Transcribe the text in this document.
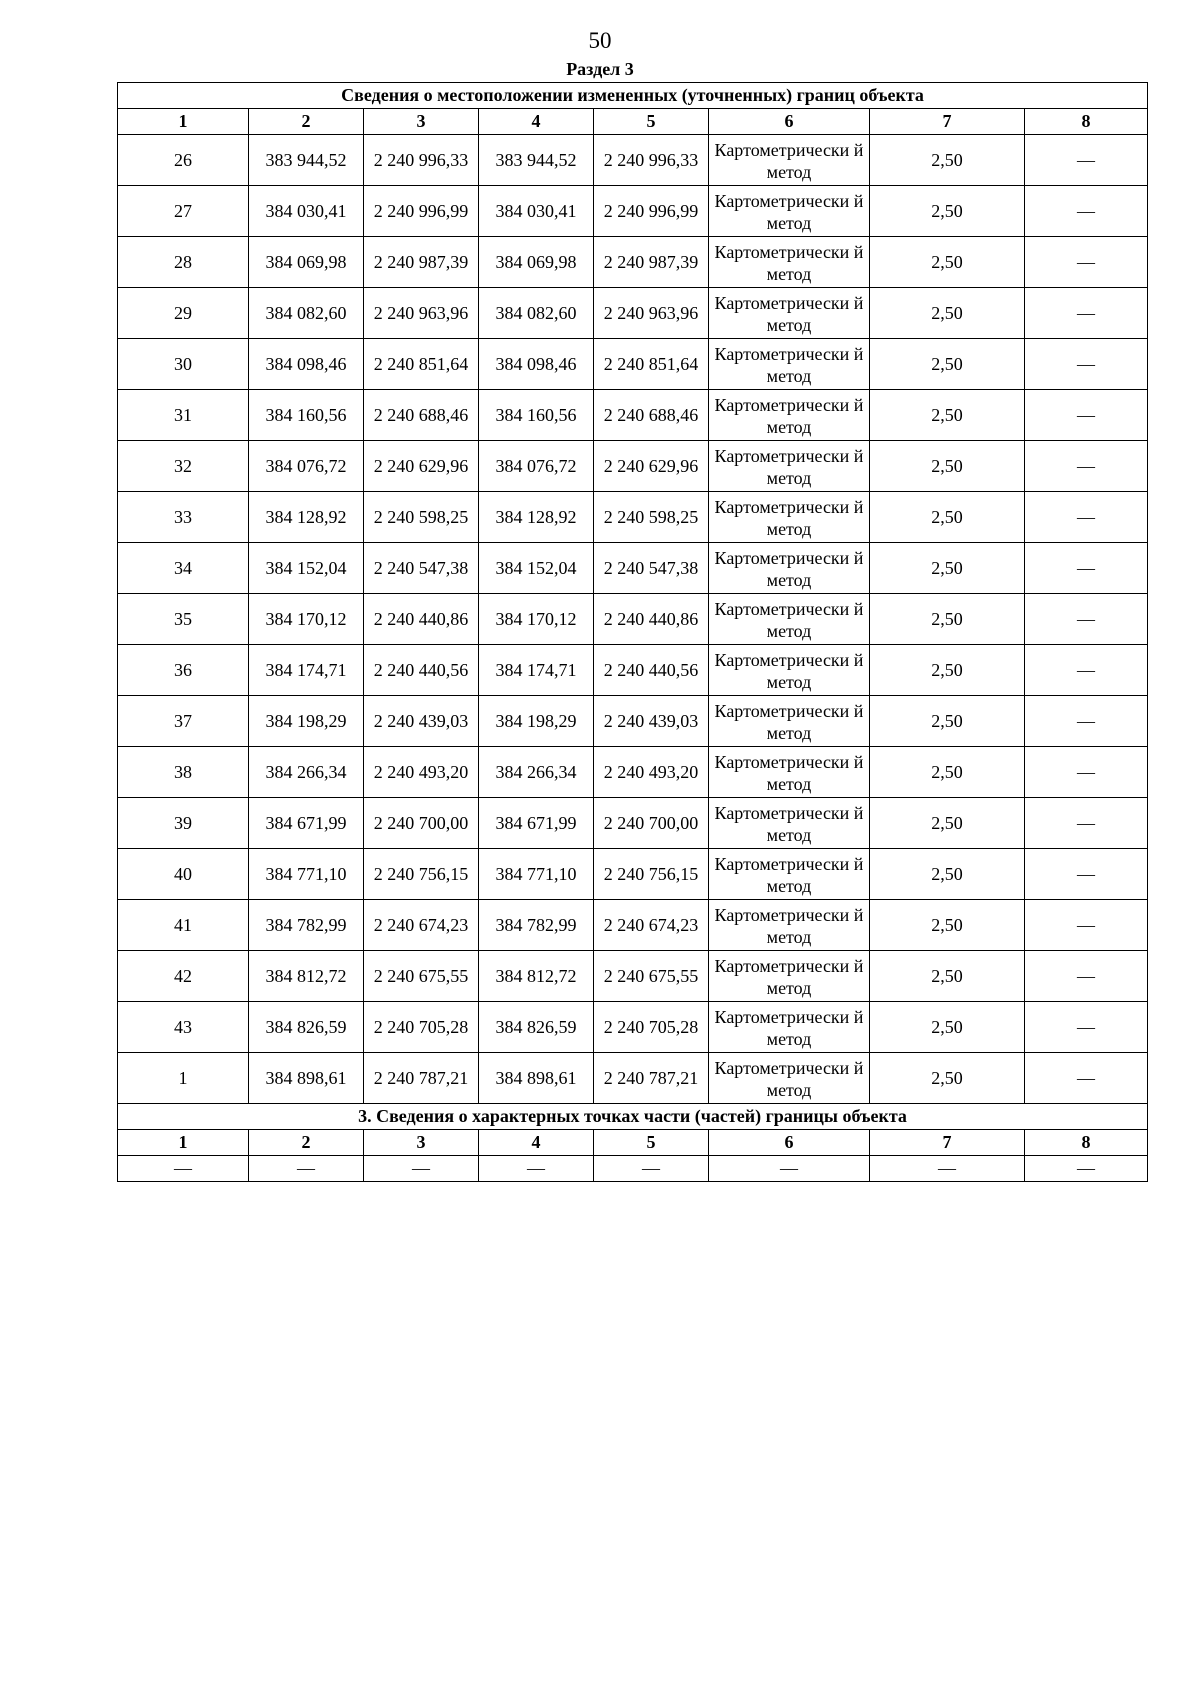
50
Раздел 3
Сведения о местоположении измененных (уточненных) границ объекта							
1	2	3	4	5	6	7	8
26	383 944,52	2 240 996,33	383 944,52	2 240 996,33	Картометрически й метод	2,50	—
27	384 030,41	2 240 996,99	384 030,41	2 240 996,99	Картометрически й метод	2,50	—
28	384 069,98	2 240 987,39	384 069,98	2 240 987,39	Картометрически й метод	2,50	—
29	384 082,60	2 240 963,96	384 082,60	2 240 963,96	Картометрически й метод	2,50	—
30	384 098,46	2 240 851,64	384 098,46	2 240 851,64	Картометрически й метод	2,50	—
31	384 160,56	2 240 688,46	384 160,56	2 240 688,46	Картометрически й метод	2,50	—
32	384 076,72	2 240 629,96	384 076,72	2 240 629,96	Картометрически й метод	2,50	—
33	384 128,92	2 240 598,25	384 128,92	2 240 598,25	Картометрически й метод	2,50	—
34	384 152,04	2 240 547,38	384 152,04	2 240 547,38	Картометрически й метод	2,50	—
35	384 170,12	2 240 440,86	384 170,12	2 240 440,86	Картометрически й метод	2,50	—
36	384 174,71	2 240 440,56	384 174,71	2 240 440,56	Картометрически й метод	2,50	—
37	384 198,29	2 240 439,03	384 198,29	2 240 439,03	Картометрически й метод	2,50	—
38	384 266,34	2 240 493,20	384 266,34	2 240 493,20	Картометрически й метод	2,50	—
39	384 671,99	2 240 700,00	384 671,99	2 240 700,00	Картометрически й метод	2,50	—
40	384 771,10	2 240 756,15	384 771,10	2 240 756,15	Картометрически й метод	2,50	—
41	384 782,99	2 240 674,23	384 782,99	2 240 674,23	Картометрически й метод	2,50	—
42	384 812,72	2 240 675,55	384 812,72	2 240 675,55	Картометрически й метод	2,50	—
43	384 826,59	2 240 705,28	384 826,59	2 240 705,28	Картометрически й метод	2,50	—
1	384 898,61	2 240 787,21	384 898,61	2 240 787,21	Картометрически й метод	2,50	—
3. Сведения о характерных точках части (частей) границы объекта							
1	2	3	4	5	6	7	8
—	—	—	—	—	—	—	—
